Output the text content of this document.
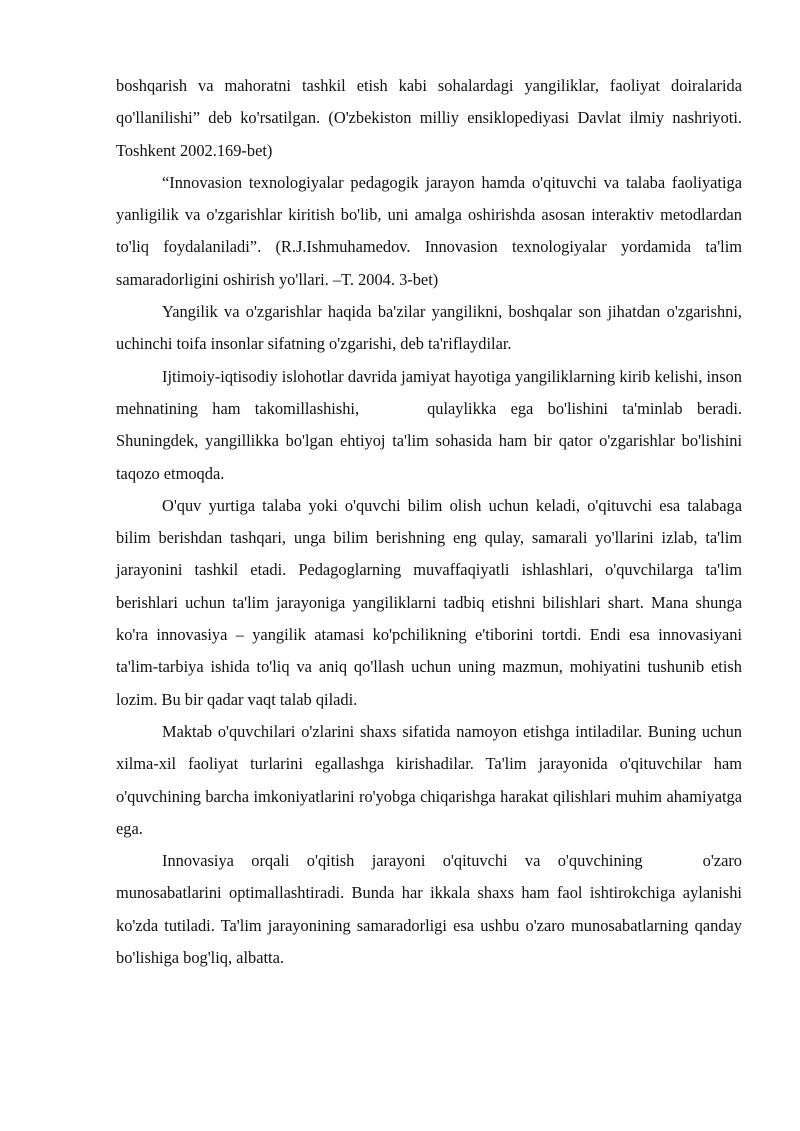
boshqarish va mahoratni tashkil etish kabi sohalardagi yangiliklar, faoliyat doiralarida qo'llanilishi” deb ko'rsatilgan. (O'zbekiston milliy ensiklopediyasi Davlat ilmiy nashriyoti. Toshkent 2002.169-bet)

“Innovasion texnologiyalar pedagogik jarayon hamda o'qituvchi va talaba faoliyatiga yanligilik va o'zgarishlar kiritish bo'lib, uni amalga oshirishda asosan interaktiv metodlardan to'liq foydalaniladi”. (R.J.Ishmuhamedov. Innovasion texnologiyalar yordamida ta'lim samaradorligini oshirish yo'llari. –T. 2004. 3-bet)

Yangilik va o'zgarishlar haqida ba'zilar yangilikni, boshqalar son jihatdan o'zgarishni, uchinchi toifa insonlar sifatning o'zgarishi, deb ta'riflaydilar.

Ijtimoiy-iqtisodiy islohotlar davrida jamiyat hayotiga yangiliklarning kirib kelishi, inson mehnatining ham takomillashishi,	qulaylikka ega bo'lishini ta'minlab beradi. Shuningdek, yangillikka bo'lgan ehtiyoj ta'lim sohasida ham bir qator o'zgarishlar bo'lishini taqozo etmoqda.

O'quv yurtiga talaba yoki o'quvchi bilim olish uchun keladi, o'qituvchi esa talabaga bilim berishdan tashqari, unga bilim berishning eng qulay, samarali yo'llarini izlab, ta'lim jarayonini tashkil etadi. Pedagoglarning muvaffaqiyatli ishlashlari, o'quvchilarga ta'lim berishlari uchun ta'lim jarayoniga yangiliklarni tadbiq etishni bilishlari shart. Mana shunga ko'ra innovasiya – yangilik atamasi ko'pchilikning e'tiborini tortdi. Endi esa innovasiyani ta'lim-tarbiya ishida to'liq va aniq qo'llash uchun uning mazmun, mohiyatini tushunib etish lozim. Bu bir qadar vaqt talab qiladi.

Maktab o'quvchilari o'zlarini shaxs sifatida namoyon etishga intiladilar. Buning uchun xilma-xil faoliyat turlarini egallashga kirishadilar. Ta'lim jarayonida o'qituvchilar ham o'quvchining barcha imkoniyatlarini ro'yobga chiqarishga harakat qilishlari muhim ahamiyatga ega.

Innovasiya orqali o'qitish jarayoni o'qituvchi va o'quvchining	o'zaro munosabatlarini optimallashtiradi. Bunda har ikkala shaxs ham faol ishtirokchiga aylanishi ko'zda tutiladi. Ta'lim jarayonining samaradorligi esa ushbu o'zaro munosabatlarning qanday bo'lishiga bog'liq, albatta.
